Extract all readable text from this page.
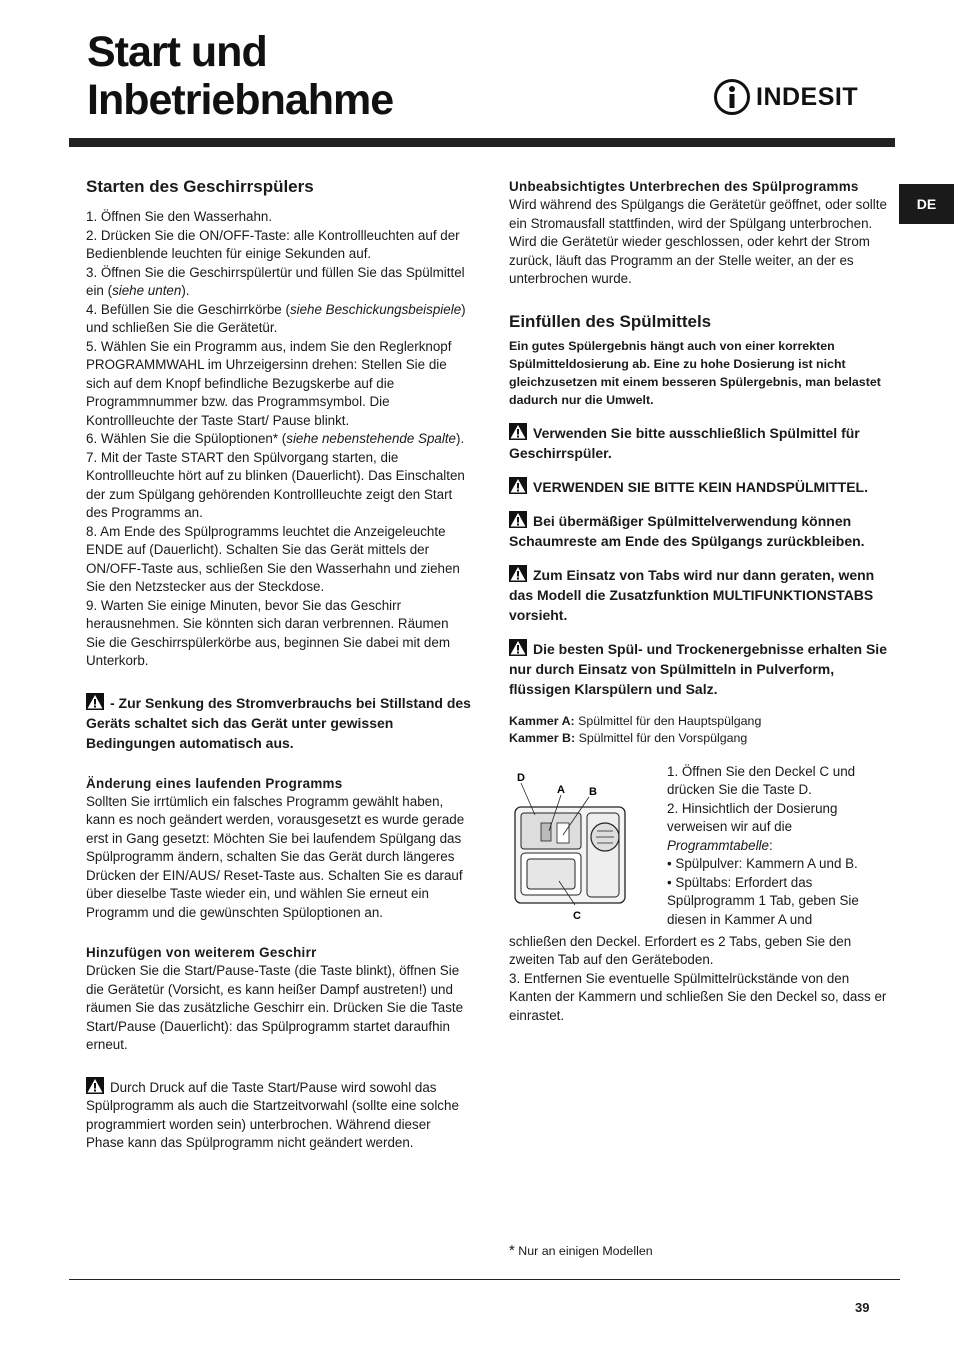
Start und
Inbetriebnahme	INDESIT
DE
Starten des Geschirrspülers

1. Öffnen Sie den Wasserhahn.

2. Drücken Sie die ON/OFF-Taste: alle Kontrollleuchten auf der Bedienblende leuchten für einige Sekunden auf.

3. Öffnen Sie die Geschirrspülertür und füllen Sie das Spülmittel ein (siehe unten).

4. Befüllen Sie die Geschirrkörbe (siehe Beschickungsbeispiele) und schließen Sie die Gerätetür.

5. Wählen Sie ein Programm aus, indem Sie den Reglerknopf PROGRAMMWAHL im Uhrzeigersinn drehen: Stellen Sie die sich auf dem Knopf befindliche Bezugskerbe auf die Programmnummer bzw. das Programmsymbol. Die Kontrollleuchte der Taste Start/ Pause blinkt.

6. Wählen Sie die Spüloptionen* (siehe nebenstehende Spalte).

7. Mit der Taste START den Spülvorgang starten, die Kontrollleuchte hört auf zu blinken (Dauerlicht). Das Einschalten der zum Spülgang gehörenden Kontrollleuchte zeigt den Start des Programms an.

8. Am Ende des Spülprogramms leuchtet die Anzeigeleuchte ENDE auf (Dauerlicht). Schalten Sie das Gerät mittels der ON/OFF-Taste aus, schließen Sie den Wasserhahn und ziehen Sie den Netzstecker aus der Steckdose.

9. Warten Sie einige Minuten, bevor Sie das Geschirr herausnehmen. Sie könnten sich daran verbrennen. Räumen Sie die Geschirrspülerkörbe aus, beginnen Sie dabei mit dem Unterkorb.

- Zur Senkung des Stromverbrauchs bei Stillstand des Geräts schaltet sich das Gerät unter gewissen Bedingungen automatisch aus.

Änderung eines laufenden Programms

Sollten Sie irrtümlich ein falsches Programm gewählt haben, kann es noch geändert werden, vorausgesetzt es wurde gerade erst in Gang gesetzt: Möchten Sie bei laufendem Spülgang das Spülprogramm ändern, schalten Sie das Gerät durch längeres Drücken der EIN/AUS/ Reset-Taste aus. Schalten Sie es darauf über dieselbe Taste wieder ein, und wählen Sie erneut ein Programm und die gewünschten Spüloptionen an.

Hinzufügen von weiterem Geschirr

Drücken Sie die Start/Pause-Taste (die Taste blinkt), öffnen Sie die Gerätetür (Vorsicht, es kann heißer Dampf austreten!) und räumen Sie das zusätzliche Geschirr ein. Drücken Sie die Taste Start/Pause (Dauerlicht): das Spülprogramm startet daraufhin erneut.

Durch Druck auf die Taste Start/Pause wird sowohl das Spülprogramm als auch die Startzeitvorwahl (sollte eine solche programmiert worden sein) unterbrochen. Während dieser Phase kann das Spülprogramm nicht geändert werden.

Unbeabsichtigtes Unterbrechen des Spülprogramms

Wird während des Spülgangs die Gerätetür geöffnet, oder sollte ein Stromausfall stattfinden, wird der Spülgang unterbrochen. Wird die Gerätetür wieder geschlossen, oder kehrt der Strom zurück, läuft das Programm an der Stelle weiter, an der es unterbrochen wurde.

Einfüllen des Spülmittels

Ein gutes Spülergebnis hängt auch von einer korrekten Spülmitteldosierung ab. Eine zu hohe Dosierung ist nicht gleichzusetzen mit einem besseren Spülergebnis, man belastet dadurch nur die Umwelt.

Verwenden Sie bitte ausschließlich Spülmittel für Geschirrspüler.

VERWENDEN SIE BITTE KEIN HANDSPÜLMITTEL.

Bei übermäßiger Spülmittelverwendung können Schaumreste am Ende des Spülgangs zurückbleiben.

Zum Einsatz von Tabs wird nur dann geraten, wenn das Modell die Zusatzfunktion MULTIFUNKTIONSTABS vorsieht.

Die besten Spül- und Trockenergebnisse erhalten Sie nur durch Einsatz von Spülmitteln in Pulverform, flüssigen Klarspülern und Salz.

Kammer A: Spülmittel für den Hauptspülgang

Kammer B: Spülmittel für den Vorspülgang

D
A B
C

1. Öffnen Sie den Deckel C und drücken Sie die Taste D.

2. Hinsichtlich der Dosierung verweisen wir auf die Programmtabelle:

• Spülpulver: Kammern A und B.

• Spültabs: Erfordert das Spülprogramm 1 Tab, geben Sie diesen in Kammer A und

schließen den Deckel. Erfordert es 2 Tabs, geben Sie den zweiten Tab auf den Geräteboden.

3. Entfernen Sie eventuelle Spülmittelrückstände von den Kanten der Kammern und schließen Sie den Deckel so, dass er einrastet.

* Nur an einigen Modellen
39
